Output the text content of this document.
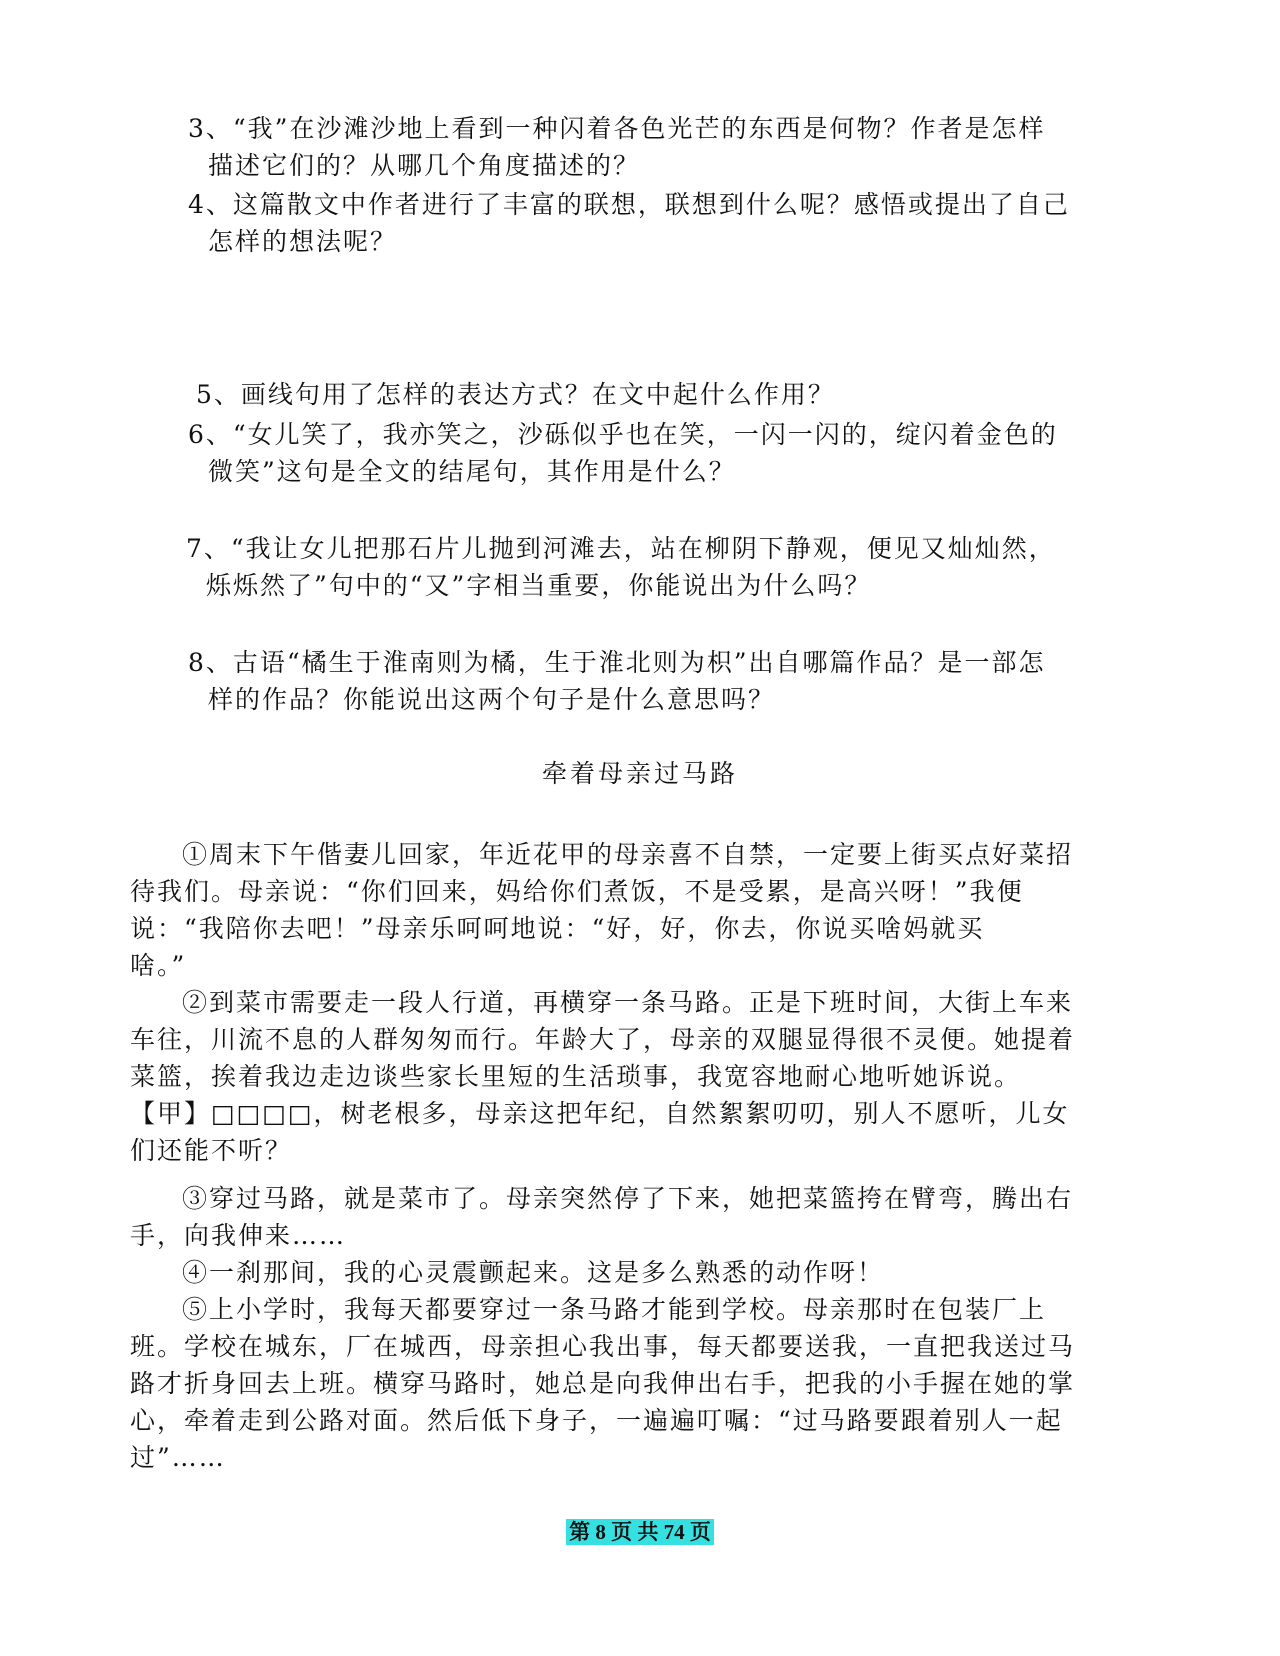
3、“我”在沙滩沙地上看到一种闪着各色光芒的东西是何物？作者是怎样
描述它们的？从哪几个角度描述的？
4、这篇散文中作者进行了丰富的联想，联想到什么呢？感悟或提出了自己
怎样的想法呢？
5、画线句用了怎样的表达方式？在文中起什么作用？
6、“女儿笑了，我亦笑之，沙砾似乎也在笑，一闪一闪的，绽闪着金色的
微笑”这句是全文的结尾句，其作用是什么？
7、“我让女儿把那石片儿抛到河滩去，站在柳阴下静观，便见又灿灿然，
烁烁然了”句中的“又”字相当重要，你能说出为什么吗？
8、古语“橘生于淮南则为橘，生于淮北则为枳”出自哪篇作品？是一部怎
样的作品？你能说出这两个句子是什么意思吗？
牵着母亲过马路
①周末下午偕妻儿回家，年近花甲的母亲喜不自禁，一定要上街买点好菜招
待我们。母亲说：“你们回来，妈给你们煮饭，不是受累，是高兴呀！”我便
说：“我陪你去吧！”母亲乐呵呵地说：“好，好，你去，你说买啥妈就买
啥。”
②到菜市需要走一段人行道，再横穿一条马路。正是下班时间，大街上车来
车往，川流不息的人群匆匆而行。年龄大了，母亲的双腿显得很不灵便。她提着
菜篮，挨着我边走边谈些家长里短的生活琐事，我宽容地耐心地听她诉说。
【甲】□□□□，树老根多，母亲这把年纪，自然絮絮叨叨，别人不愿听，儿女
们还能不听？
③穿过马路，就是菜市了。母亲突然停了下来，她把菜篮挎在臂弯，腾出右
手，向我伸来……
④一刹那间，我的心灵震颤起来。这是多么熟悉的动作呀！
⑤上小学时，我每天都要穿过一条马路才能到学校。母亲那时在包装厂上
班。学校在城东，厂在城西，母亲担心我出事，每天都要送我，一直把我送过马
路才折身回去上班。横穿马路时，她总是向我伸出右手，把我的小手握在她的掌
心，牵着走到公路对面。然后低下身子，一遍遍叮嘱：“过马路要跟着别人一起
过”……
第 8 页 共 74 页
